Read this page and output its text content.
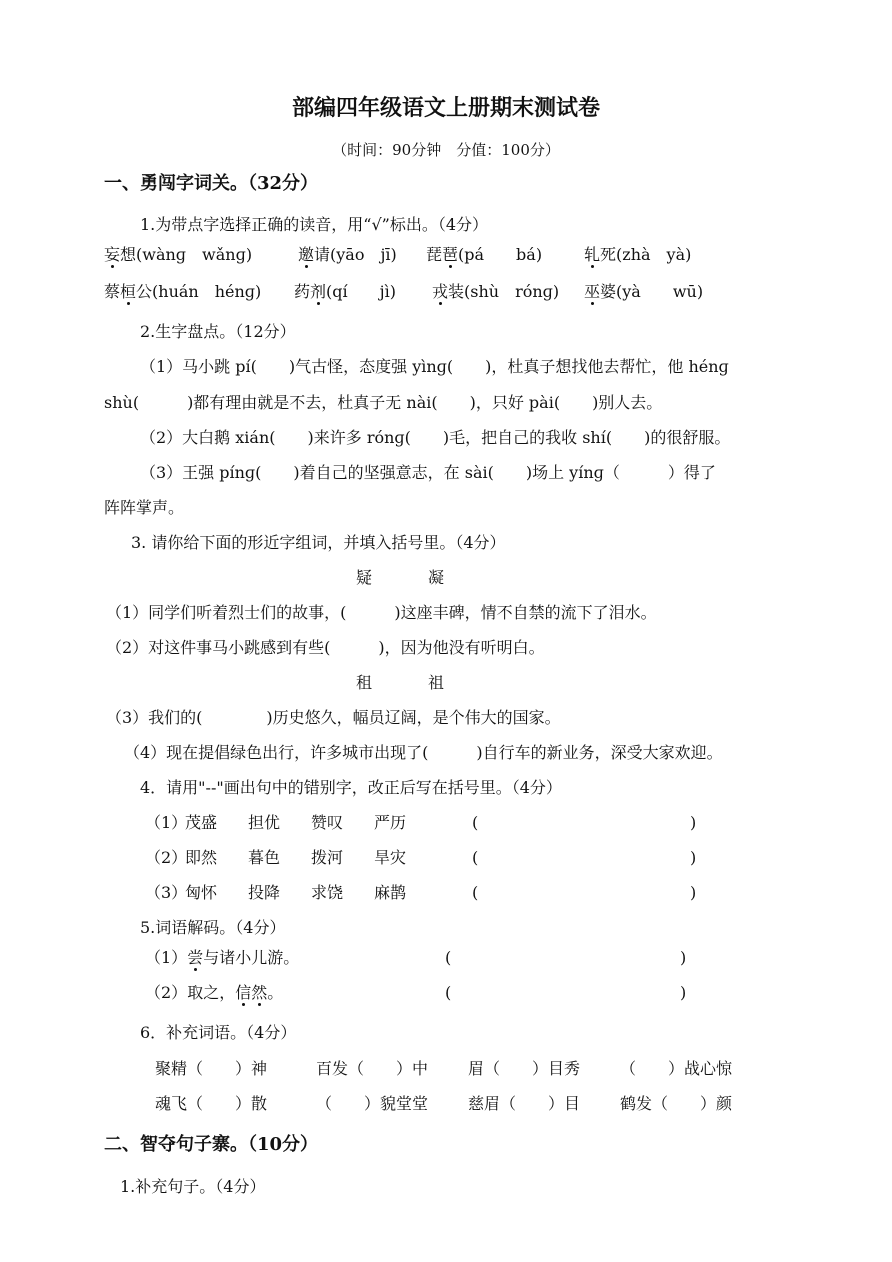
部编四年级语文上册期末测试卷
（时间：90分钟　分值：100分）
一、勇闯字词关。（32分）
1.为带点字选择正确的读音，用“√”标出。（4分）
妄想(wànɡ　wǎnɡ)	邀请(yāo　jī) 琵琶(pá　　bá)	轧死(zhà　yà)
蔡桓公(huán　hénɡ) 药剂(qí　　jì) 戎装(shù　rónɡ) 巫婆(yà　　wū)
2.生字盘点。（12分）
（1）马小跳 pí(　　)气古怪，态度强 yìnɡ(　　)，杜真子想找他去帮忙，他 hénɡ
shù(　　　)都有理由就是不去，杜真子无 nài(　　)，只好 pài(　　)别人去。
（2）大白鹅 xián(　　)来许多 rónɡ(　　)毛，把自己的我收 shí(　　)的很舒服。
（3）王强 pínɡ(　　)着自己的坚强意志，在 sài(　　)场上 yínɡ（　　　）得了
阵阵掌声。
3. 请你给下面的形近字组词，并填入括号里。（4分）
疑	凝
（1）同学们听着烈士们的故事，(　　　)这座丰碑，情不自禁的流下了泪水。
（2）对这件事马小跳感到有些(　　　)，因为他没有听明白。
租	祖
（3）我们的(　　　　)历史悠久，幅员辽阔，是个伟大的国家。
（4）现在提倡绿色出行，许多城市出现了(　　　)自行车的新业务，深受大家欢迎。
4．请用"--"画出句中的错别字，改正后写在括号里。（4分）
（1）
茂盛 担优 赞叹 严历	(	)
（2）
即然 暮色 拨河 旱灾	(	)
（3）
匈怀 投降 求饶 麻鹊	(	)
5.词语解码。（4分）
（1）尝与诸小儿游。	(	)
（2）取之，信然。	(	)
6．补充词语。（4分）
聚精（　　）神	百发（　　）中 眉（　　）目秀 （　　）战心惊
魂飞（　　）散	（　　）貌堂堂 慈眉（　　）目 鹤发（　　）颜
二、智夺句子寨。（10分）
1.补充句子。（4分）
